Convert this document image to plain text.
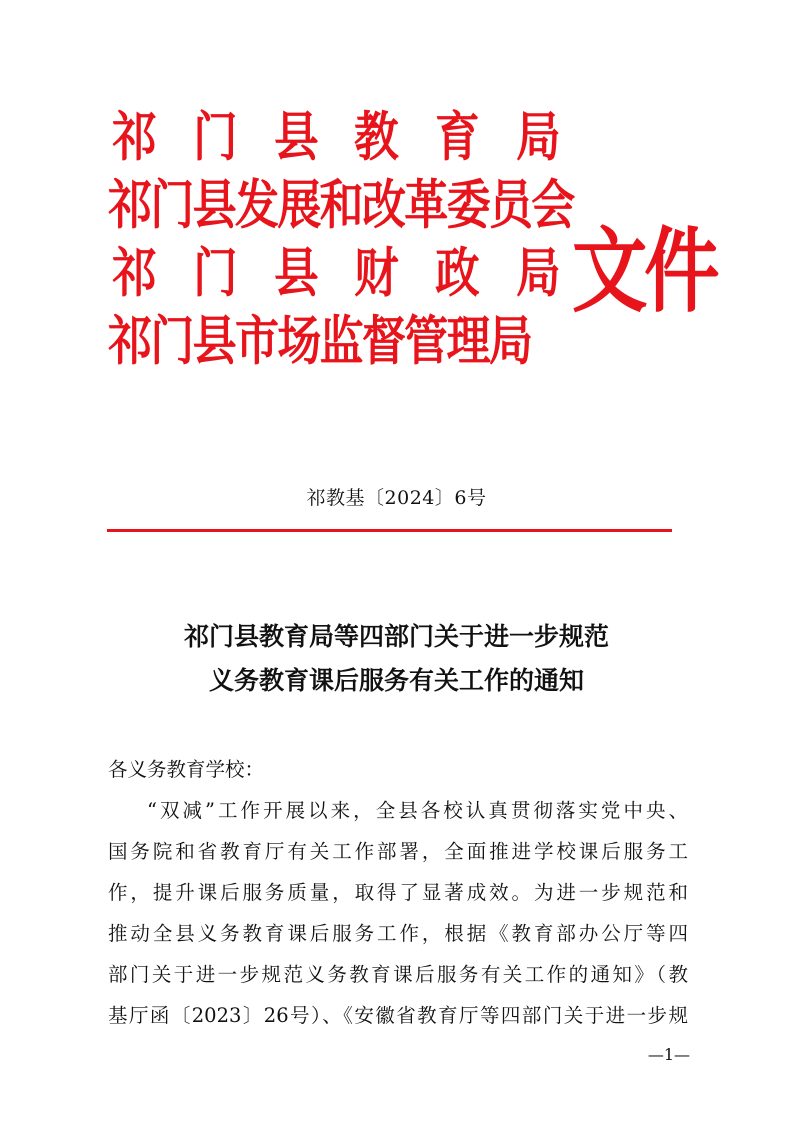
祁 门 县 教 育 局
祁门县发展和改革委员会
祁 门 县 财 政 局
祁门县市场监督管理局
文件
祁教基〔2024〕6号
祁门县教育局等四部门关于进一步规范
义务教育课后服务有关工作的通知
各义务教育学校：
“双减”工作开展以来，全县各校认真贯彻落实党中央、
国务院和省教育厅有关工作部署，全面推进学校课后服务工
作，提升课后服务质量，取得了显著成效。为进一步规范和
推动全县义务教育课后服务工作，根据《教育部办公厅等四
部门关于进一步规范义务教育课后服务有关工作的通知》（教
基厅函〔2023〕26号）、《安徽省教育厅等四部门关于进一步规
—1—
